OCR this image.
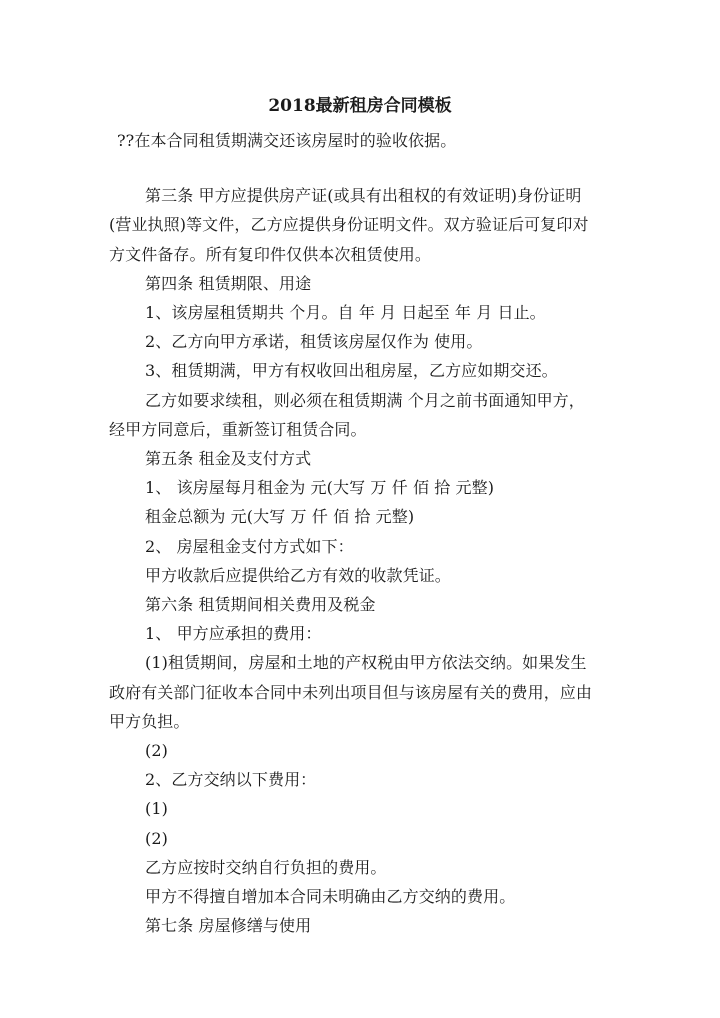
2018最新租房合同模板
??在本合同租赁期满交还该房屋时的验收依据。
第三条 甲方应提供房产证(或具有出租权的有效证明)身份证明
(营业执照)等文件，乙方应提供身份证明文件。双方验证后可复印对
方文件备存。所有复印件仅供本次租赁使用。
第四条 租赁期限、用途
1、该房屋租赁期共 个月。自 年 月 日起至 年 月 日止。
2、乙方向甲方承诺，租赁该房屋仅作为 使用。
3、租赁期满，甲方有权收回出租房屋，乙方应如期交还。
乙方如要求续租，则必须在租赁期满 个月之前书面通知甲方，
经甲方同意后，重新签订租赁合同。
第五条 租金及支付方式
1、 该房屋每月租金为 元(大写 万 仟 佰 拾 元整)
租金总额为 元(大写 万 仟 佰 拾 元整)
2、 房屋租金支付方式如下：
甲方收款后应提供给乙方有效的收款凭证。
第六条 租赁期间相关费用及税金
1、 甲方应承担的费用：
(1)租赁期间，房屋和土地的产权税由甲方依法交纳。如果发生
政府有关部门征收本合同中未列出项目但与该房屋有关的费用，应由
甲方负担。
(2)
2、乙方交纳以下费用：
(1)
(2)
乙方应按时交纳自行负担的费用。
甲方不得擅自增加本合同未明确由乙方交纳的费用。
第七条 房屋修缮与使用
